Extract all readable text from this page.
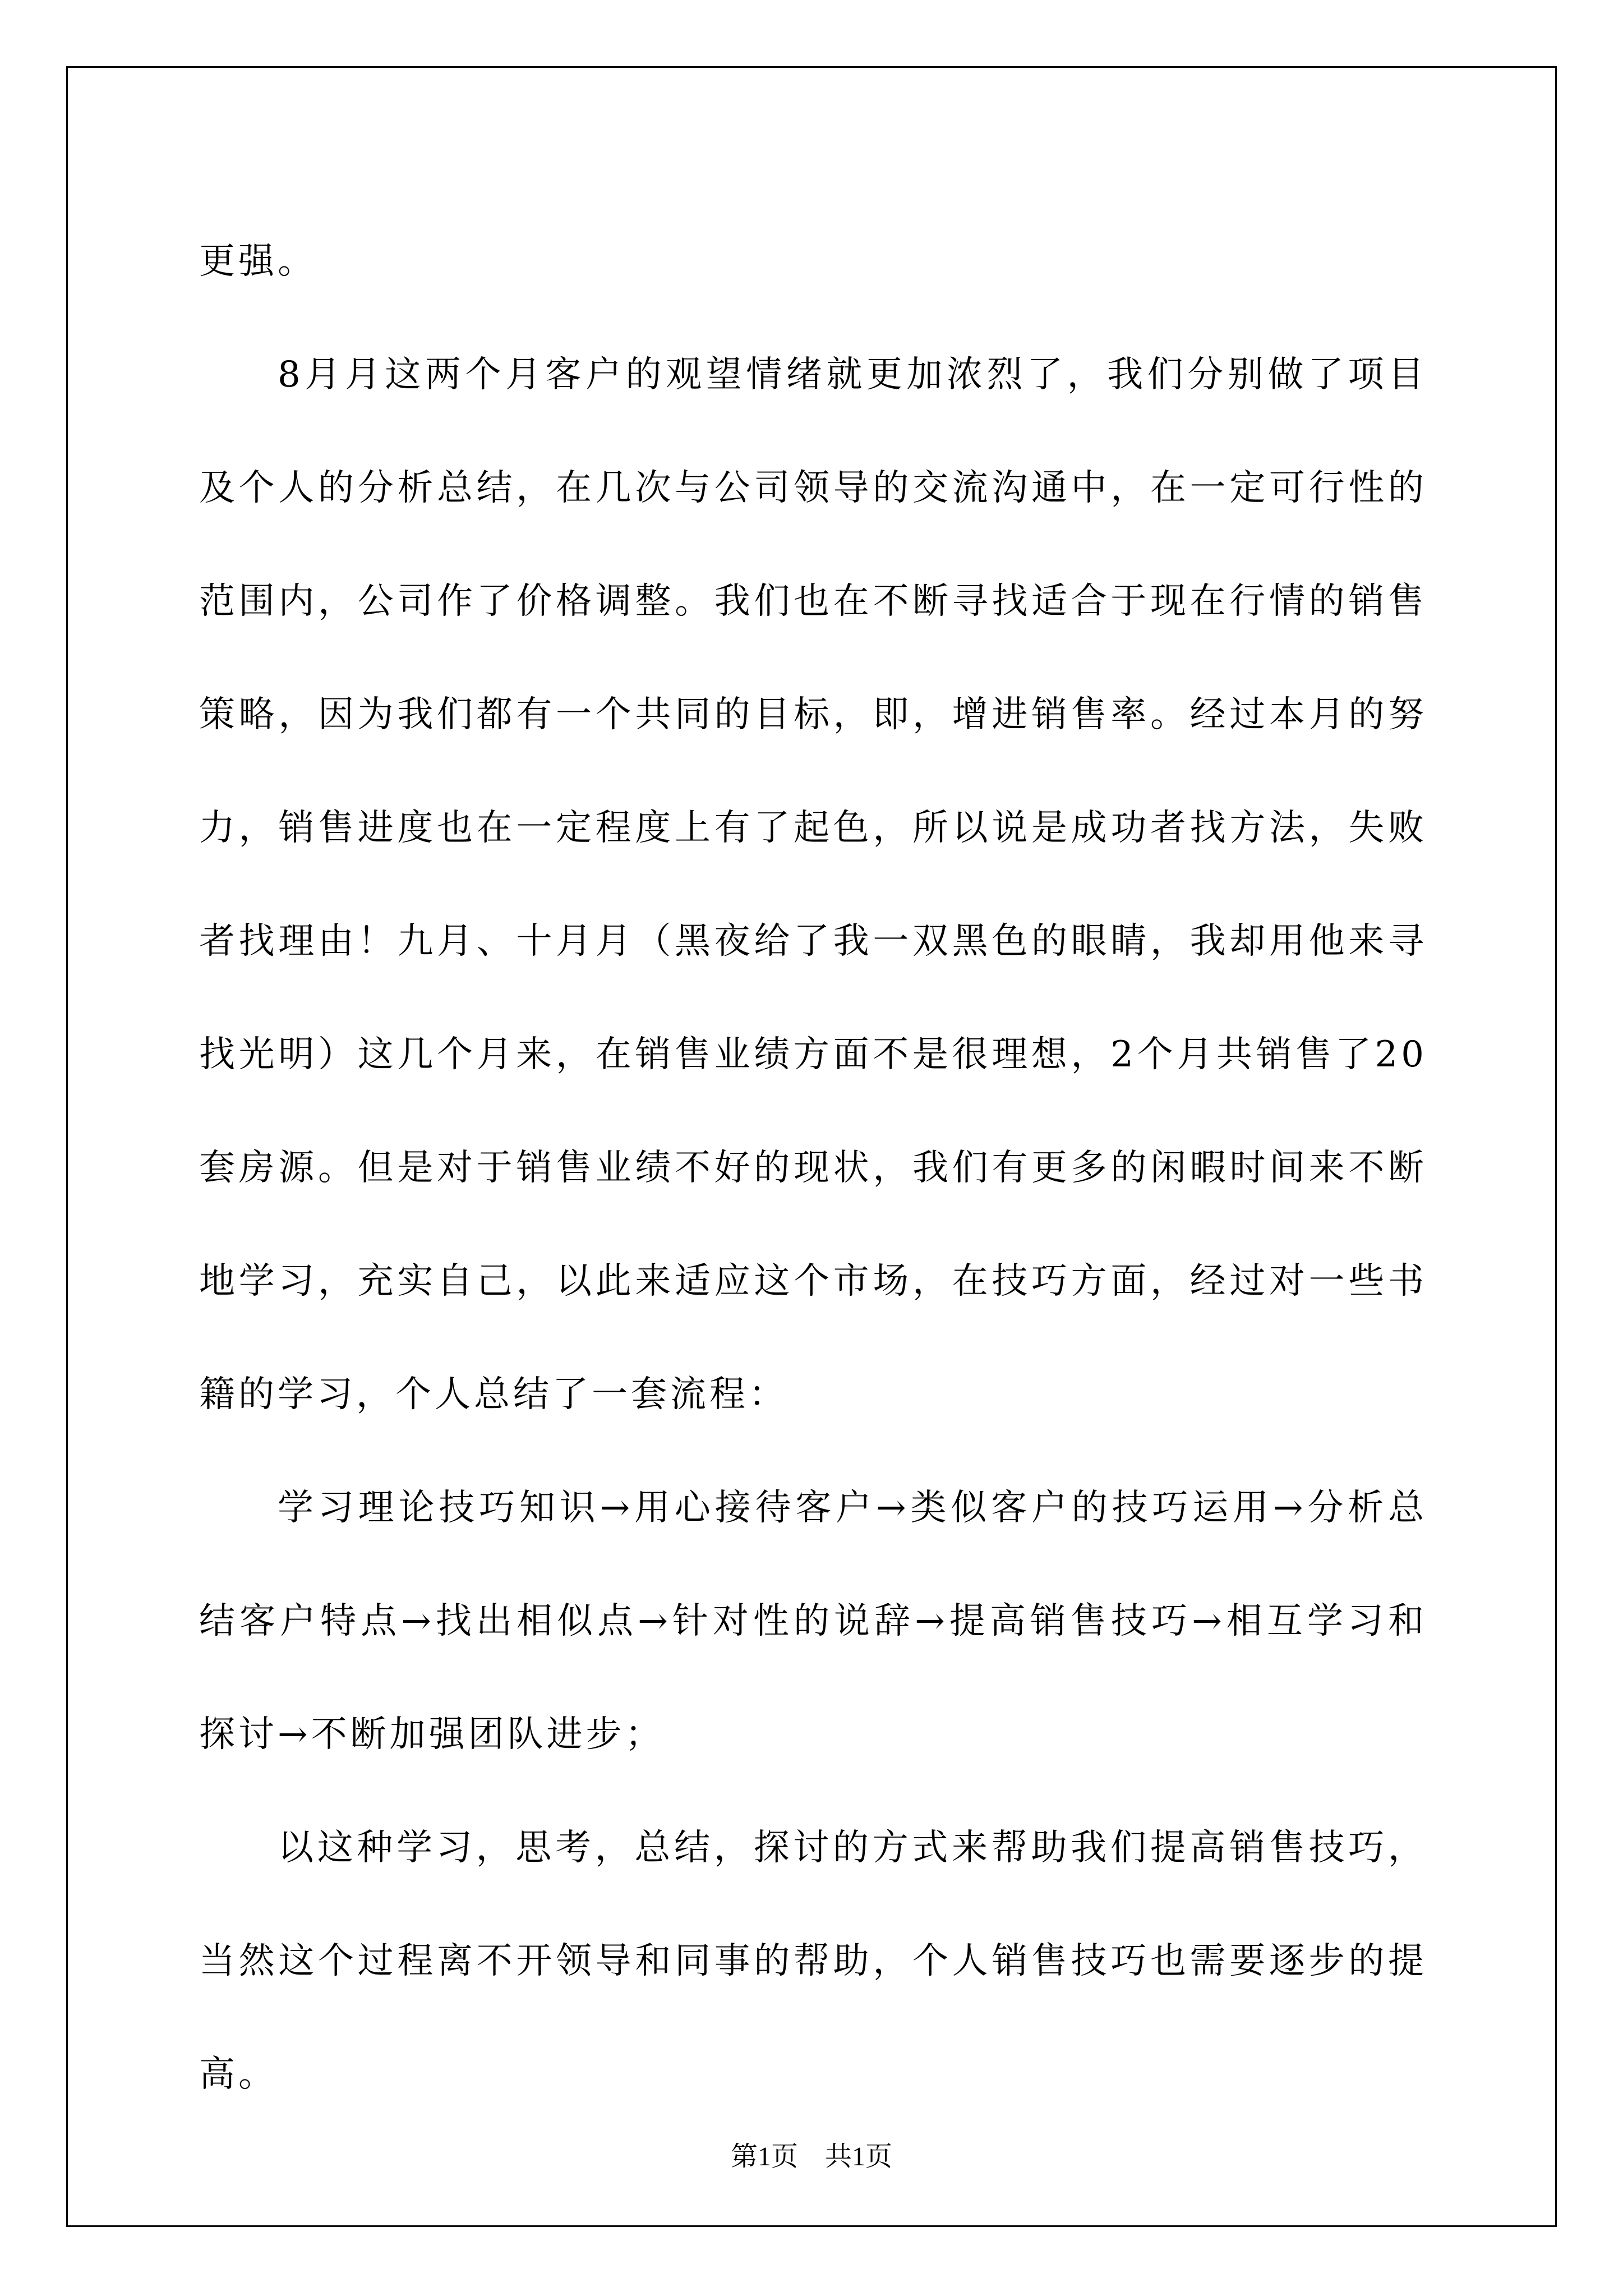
更强。

8月月这两个月客户的观望情绪就更加浓烈了，我们分别做了项目及个人的分析总结，在几次与公司领导的交流沟通中，在一定可行性的范围内，公司作了价格调整。我们也在不断寻找适合于现在行情的销售策略，因为我们都有一个共同的目标，即，增进销售率。经过本月的努力，销售进度也在一定程度上有了起色，所以说是成功者找方法，失败者找理由！九月、十月月（黑夜给了我一双黑色的眼睛，我却用他来寻找光明）这几个月来，在销售业绩方面不是很理想，2个月共销售了20套房源。但是对于销售业绩不好的现状，我们有更多的闲暇时间来不断地学习，充实自己，以此来适应这个市场，在技巧方面，经过对一些书籍的学习，个人总结了一套流程：

学习理论技巧知识→用心接待客户→类似客户的技巧运用→分析总结客户特点→找出相似点→针对性的说辞→提高销售技巧→相互学习和探讨→不断加强团队进步；

以这种学习，思考，总结，探讨的方式来帮助我们提高销售技巧，当然这个过程离不开领导和同事的帮助，个人销售技巧也需要逐步的提高。

第1页　共1页
